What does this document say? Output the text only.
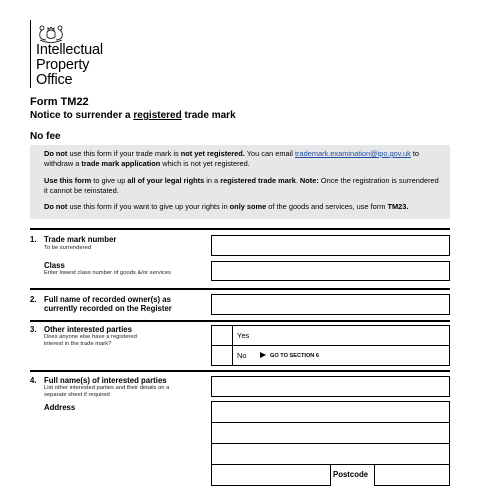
Intellectual
Property
Office
Form TM22
Notice to surrender a registered trade mark
No fee

Do not use this form if your trade mark is not yet registered. You can email trademark.examination@ipo.gov.uk to withdraw a trade mark application which is not yet registered.

Use this form to give up all of your legal rights in a registered trade mark. Note: Once the registration is surrendered it cannot be reinstated.

Do not use this form if you want to give up your rights in only some of the goods and services, use form TM23.

1. Trade mark number
To be surrendered
Class
Enter lowest class number of goods &/or services
2. Full name of recorded owner(s) as
currently recorded on the Register
3. Other interested parties
Does anyone else have a registered
interest in the trade mark?
Yes
No	GO TO SECTION 6
4. Full name(s) of interested parties
List other interested parties and their details on a
separate sheet if required
Address
Postcode
